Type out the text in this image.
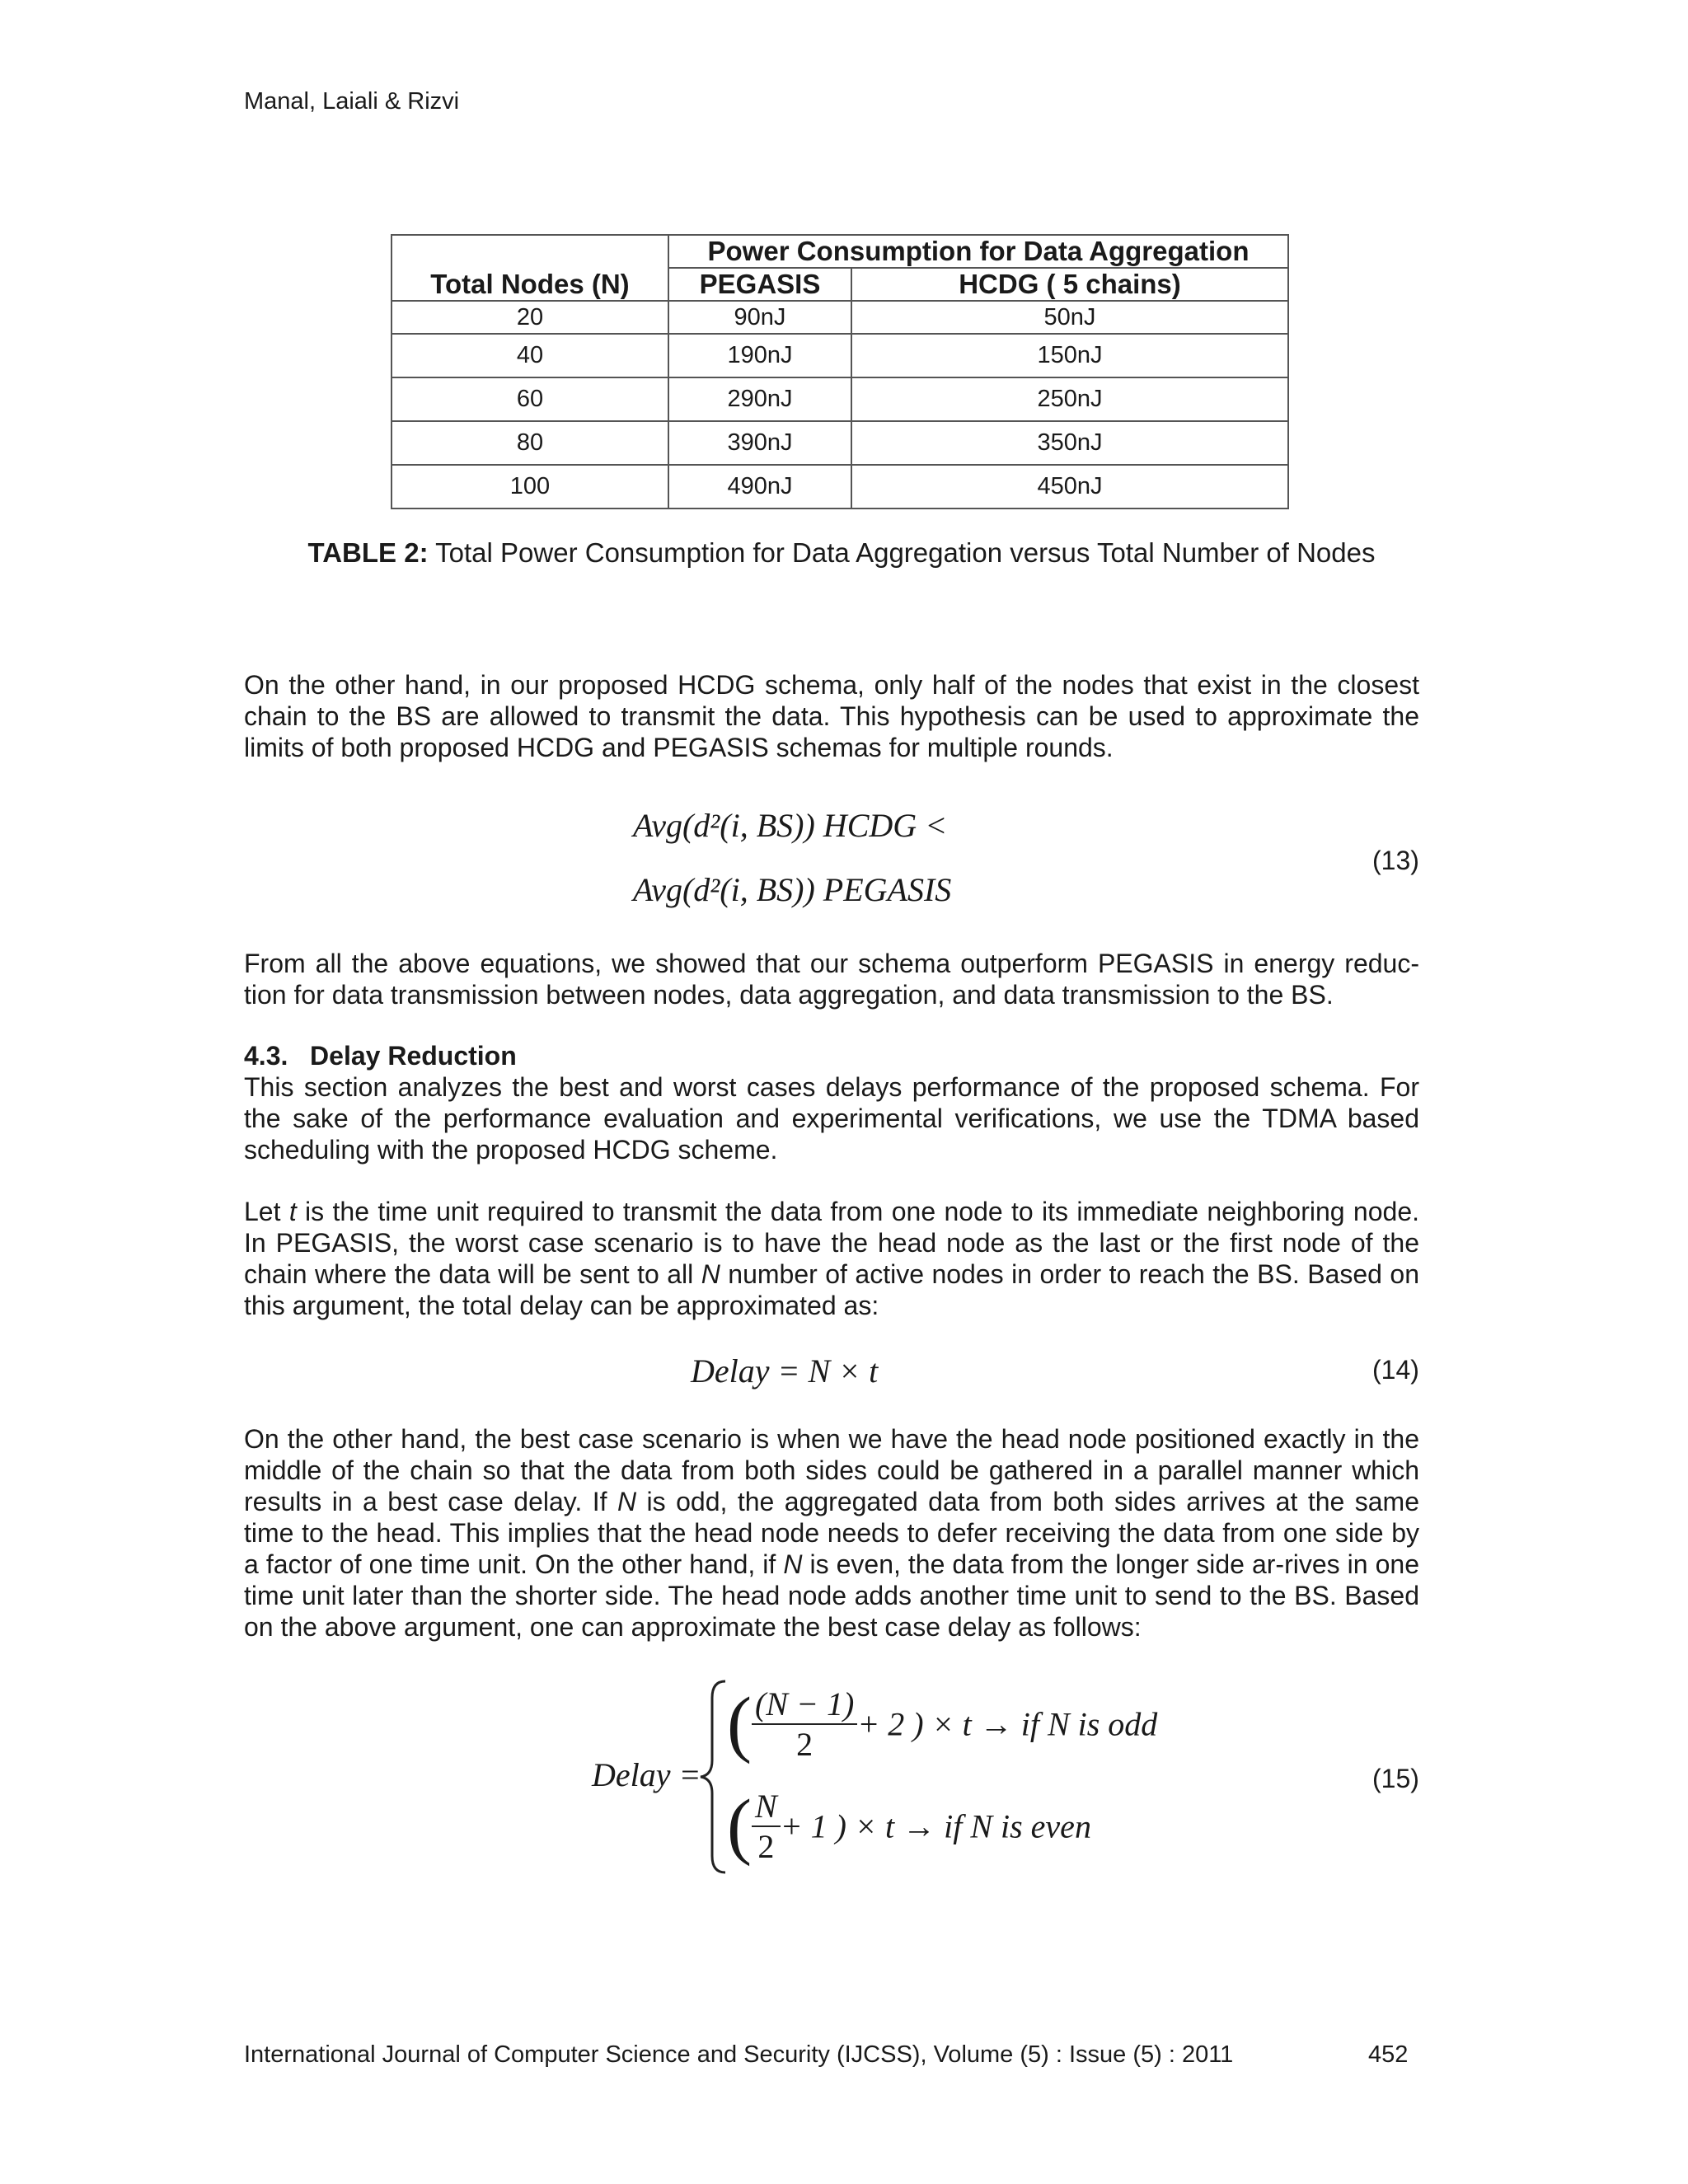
Manal, Laiali & Rizvi
	Power Consumption for Data Aggregation	
Total Nodes (N)	PEGASIS	HCDG ( 5 chains)
20	90nJ	50nJ
40	190nJ	150nJ
60	290nJ	250nJ
80	390nJ	350nJ
100	490nJ	450nJ
TABLE 2: Total Power Consumption for Data Aggregation versus Total Number of Nodes
On the other hand, in our proposed HCDG schema, only half of the nodes that exist in the closest chain to the BS are allowed to transmit the data. This hypothesis can be used to approximate the limits of both proposed HCDG and PEGASIS schemas for multiple rounds.
Avg(d²(i, BS)) HCDG <
Avg(d²(i, BS)) PEGASIS
(13)
From all the above equations, we showed that our schema outperform PEGASIS in energy reduc-tion for data transmission between nodes, data aggregation, and data transmission to the BS.
4.3.   Delay Reduction
This section analyzes the best and worst cases delays performance of the proposed schema. For the sake of the performance evaluation and experimental verifications, we use the TDMA based scheduling with the proposed HCDG scheme.
Let t is the time unit required to transmit the data from one node to its immediate neighboring node. In PEGASIS, the worst case scenario is to have the head node as the last or the first node of the chain where the data will be sent to all N number of active nodes in order to reach the BS. Based on this argument, the total delay can be approximated as:
Delay = N × t	(14)
On the other hand, the best case scenario is when we have the head node positioned exactly in the middle of the chain so that the data from both sides could be gathered in a parallel manner which results in a best case delay. If N is odd, the aggregated data from both sides arrives at the same time to the head. This implies that the head node needs to defer receiving the data from one side by a factor of one time unit. On the other hand, if N is even, the data from the longer side ar-rives in one time unit later than the shorter side. The head node adds another time unit to send to the BS. Based on the above argument, one can approximate the best case delay as follows:
Delay =
( $\frac{(N - 1)}{2} + 2$ ) × t → if N is odd
( $\frac{N}{2} + 1$ ) × t → if N is even
(15)
International Journal of Computer Science and Security (IJCSS), Volume (5) : Issue (5) : 2011	452
